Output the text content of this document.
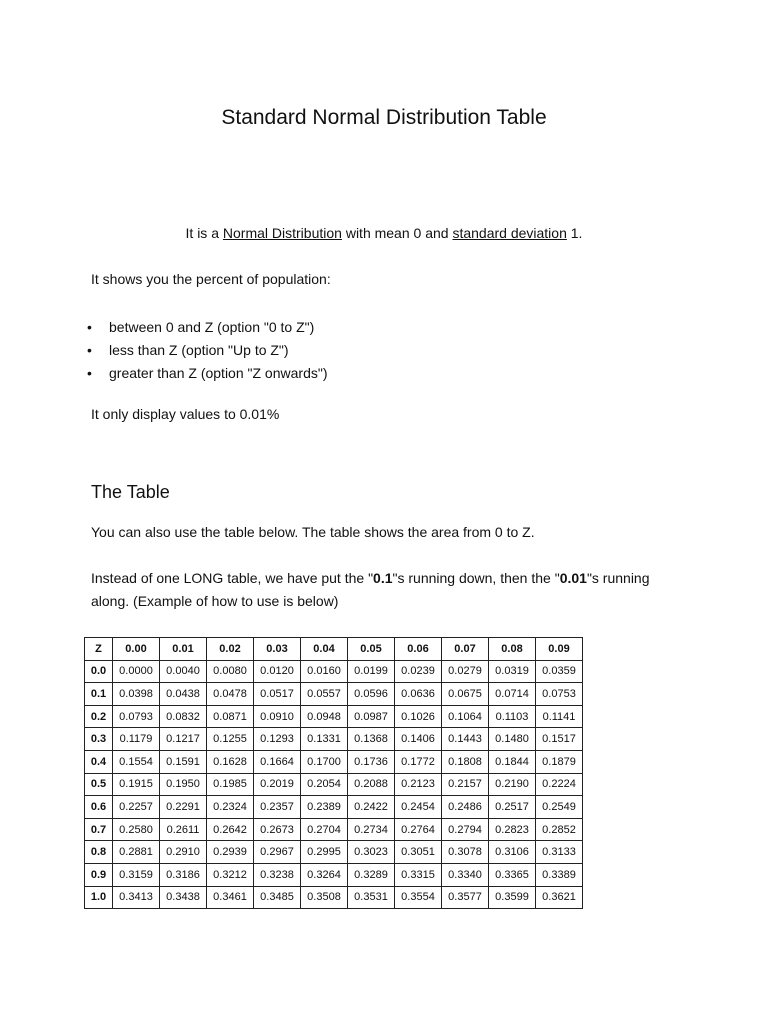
Standard Normal Distribution Table
It is a Normal Distribution with mean 0 and standard deviation 1.

It shows you the percent of population:

• between 0 and Z (option "0 to Z")
• less than Z (option "Up to Z")
• greater than Z (option "Z onwards")

It only display values to 0.01%

The Table

You can also use the table below. The table shows the area from 0 to Z.

Instead of one LONG table, we have put the "0.1"s running down, then the "0.01"s running along. (Example of how to use is below)

Z	0.00	0.01	0.02	0.03	0.04	0.05	0.06	0.07	0.08	0.09
0.0	0.0000	0.0040	0.0080	0.0120	0.0160	0.0199	0.0239	0.0279	0.0319	0.0359
0.1	0.0398	0.0438	0.0478	0.0517	0.0557	0.0596	0.0636	0.0675	0.0714	0.0753
0.2	0.0793	0.0832	0.0871	0.0910	0.0948	0.0987	0.1026	0.1064	0.1103	0.1141
0.3	0.1179	0.1217	0.1255	0.1293	0.1331	0.1368	0.1406	0.1443	0.1480	0.1517
0.4	0.1554	0.1591	0.1628	0.1664	0.1700	0.1736	0.1772	0.1808	0.1844	0.1879
0.5	0.1915	0.1950	0.1985	0.2019	0.2054	0.2088	0.2123	0.2157	0.2190	0.2224
0.6	0.2257	0.2291	0.2324	0.2357	0.2389	0.2422	0.2454	0.2486	0.2517	0.2549
0.7	0.2580	0.2611	0.2642	0.2673	0.2704	0.2734	0.2764	0.2794	0.2823	0.2852
0.8	0.2881	0.2910	0.2939	0.2967	0.2995	0.3023	0.3051	0.3078	0.3106	0.3133
0.9	0.3159	0.3186	0.3212	0.3238	0.3264	0.3289	0.3315	0.3340	0.3365	0.3389
1.0	0.3413	0.3438	0.3461	0.3485	0.3508	0.3531	0.3554	0.3577	0.3599	0.3621
